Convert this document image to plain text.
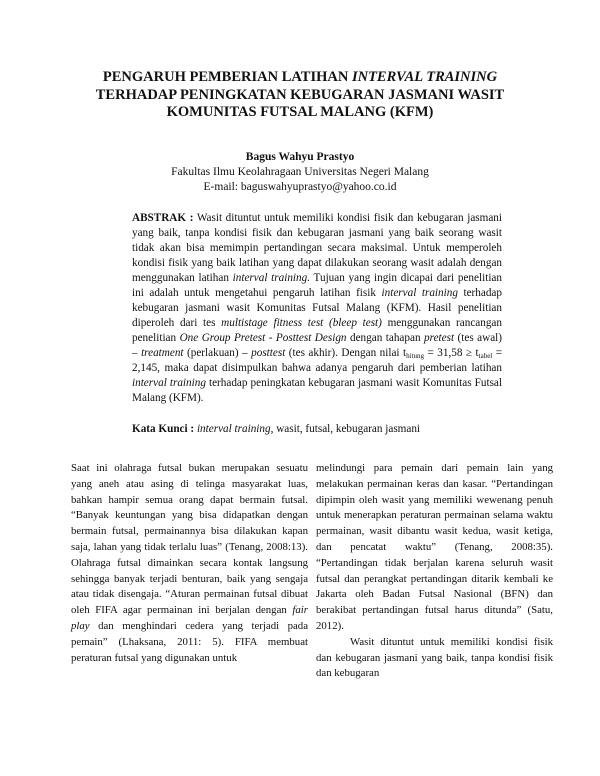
PENGARUH PEMBERIAN LATIHAN INTERVAL TRAINING
TERHADAP PENINGKATAN KEBUGARAN JASMANI WASIT
KOMUNITAS FUTSAL MALANG (KFM)
Bagus Wahyu Prastyo
Fakultas Ilmu Keolahragaan Universitas Negeri Malang
E-mail: baguswahyuprastyo@yahoo.co.id
ABSTRAK : Wasit dituntut untuk memiliki kondisi fisik dan kebugaran jasmani yang baik, tanpa kondisi fisik dan kebugaran jasmani yang baik seorang wasit tidak akan bisa memimpin pertandingan secara maksimal. Untuk memperoleh kondisi fisik yang baik latihan yang dapat dilakukan seorang wasit adalah dengan menggunakan latihan interval training. Tujuan yang ingin dicapai dari penelitian ini adalah untuk mengetahui pengaruh latihan fisik interval training terhadap kebugaran jasmani wasit Komunitas Futsal Malang (KFM). Hasil penelitian diperoleh dari tes multistage fitness test (bleep test) menggunakan rancangan penelitian One Group Pretest - Posttest Design dengan tahapan pretest (tes awal) – treatment (perlakuan) – posttest (tes akhir). Dengan nilai $t_{hitung} = 31,58 \ge t_{tabel} = 2,145$, maka dapat disimpulkan bahwa adanya pengaruh dari pemberian latihan interval training terhadap peningkatan kebugaran jasmani wasit Komunitas Futsal Malang (KFM).
Kata Kunci : interval training, wasit, futsal, kebugaran jasmani

Saat ini olahraga futsal bukan merupakan sesuatu yang aneh atau asing di telinga masyarakat luas, bahkan hampir semua orang dapat bermain futsal. “Banyak keuntungan yang bisa didapatkan dengan bermain futsal, permainannya bisa dilakukan kapan saja, lahan yang tidak terlalu luas” (Tenang, 2008:13). Olahraga futsal dimainkan secara kontak langsung sehingga banyak terjadi benturan, baik yang sengaja atau tidak disengaja. “Aturan permainan futsal dibuat oleh FIFA agar permainan ini berjalan dengan fair play dan menghindari cedera yang terjadi pada pemain” (Lhaksana, 2011: 5). FIFA membuat peraturan futsal yang digunakan untuk

melindungi para pemain dari pemain lain yang melakukan permainan keras dan kasar. “Pertandingan dipimpin oleh wasit yang memiliki wewenang penuh untuk menerapkan peraturan permainan selama waktu permainan, wasit dibantu wasit kedua, wasit ketiga, dan pencatat waktu” (Tenang, 2008:35). “Pertandingan tidak berjalan karena seluruh wasit futsal dan perangkat pertandingan ditarik kembali ke Jakarta oleh Badan Futsal Nasional (BFN) dan berakibat pertandingan futsal harus ditunda” (Satu, 2012).

Wasit dituntut untuk memiliki kondisi fisik dan kebugaran jasmani yang baik, tanpa kondisi fisik dan kebugaran
